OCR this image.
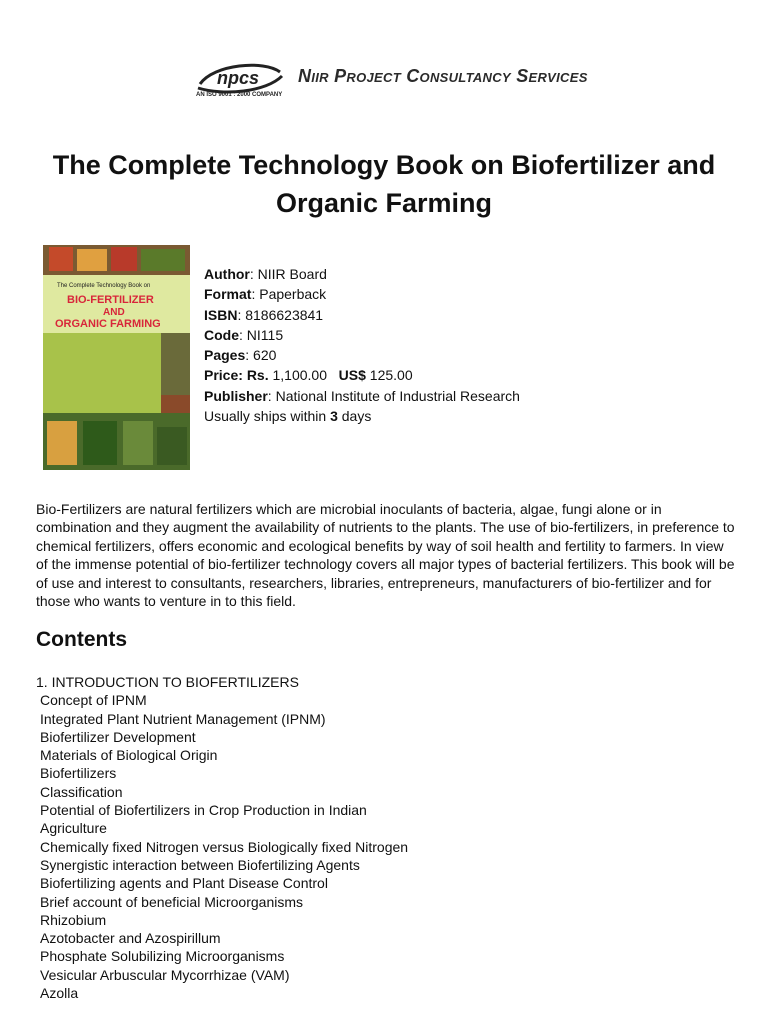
npcs
AN ISO 9001 : 2000 COMPANY
Niir Project Consultancy Services
The Complete Technology Book on Biofertilizer and Organic Farming
The Complete Technology Book on
BIO-FERTILIZER
AND
ORGANIC FARMING
Author: NIIR Board
Format: Paperback
ISBN: 8186623841
Code: NI115
Pages: 620
Price: Rs. 1,100.00 US$ 125.00
Publisher: National Institute of Industrial Research
Usually ships within 3 days

Bio-Fertilizers are natural fertilizers which are microbial inoculants of bacteria, algae, fungi alone or in combination and they augment the availability of nutrients to the plants. The use of bio-fertilizers, in preference to chemical fertilizers, offers economic and ecological benefits by way of soil health and fertility to farmers. In view of the immense potential of bio-fertilizer technology covers all major types of bacterial fertilizers. This book will be of use and interest to consultants, researchers, libraries, entrepreneurs, manufacturers of bio-fertilizer and for those who wants to venture in to this field.

Contents
1. INTRODUCTION TO BIOFERTILIZERS
Concept of IPNM
Integrated Plant Nutrient Management (IPNM)
Biofertilizer Development
Materials of Biological Origin
Biofertilizers
Classification
Potential of Biofertilizers in Crop Production in Indian
Agriculture
Chemically fixed Nitrogen versus Biologically fixed Nitrogen
Synergistic interaction between Biofertilizing Agents
Biofertilizing agents and Plant Disease Control
Brief account of beneficial Microorganisms
Rhizobium
Azotobacter and Azospirillum
Phosphate Solubilizing Microorganisms
Vesicular Arbuscular Mycorrhizae (VAM)
Azolla
